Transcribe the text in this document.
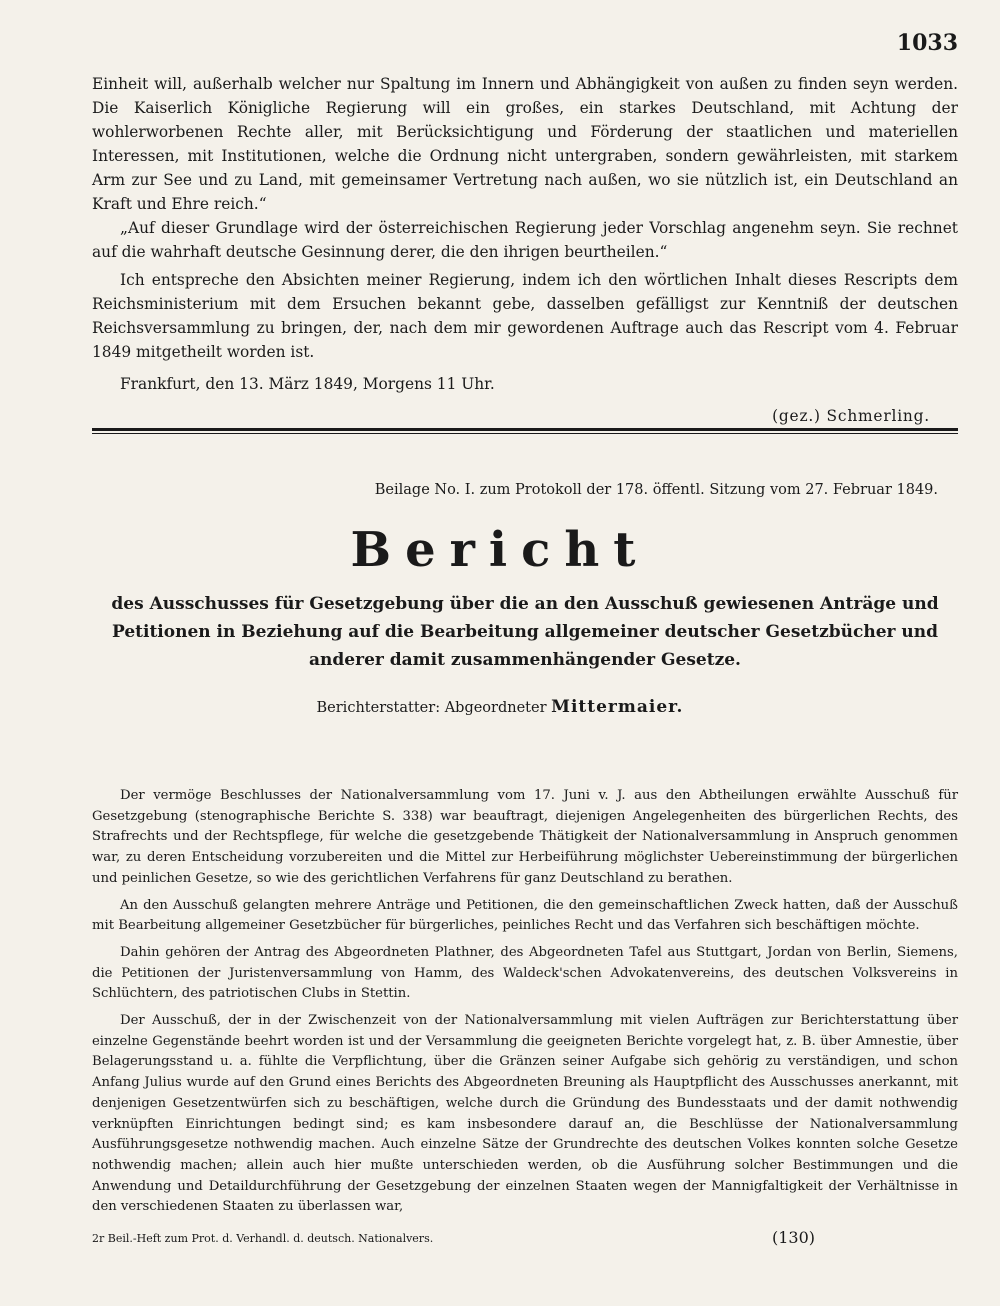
1033

Einheit will, außerhalb welcher nur Spaltung im Innern und Abhängigkeit von außen zu finden seyn werden. Die Kaiserlich Königliche Regierung will ein großes, ein starkes Deutschland, mit Achtung der wohlerworbenen Rechte aller, mit Berücksichtigung und Förderung der staatlichen und materiellen Interessen, mit Institutionen, welche die Ordnung nicht untergraben, sondern gewährleisten, mit starkem Arm zur See und zu Land, mit gemeinsamer Vertretung nach außen, wo sie nützlich ist, ein Deutschland an Kraft und Ehre reich.“

„Auf dieser Grundlage wird der österreichischen Regierung jeder Vorschlag angenehm seyn. Sie rechnet auf die wahrhaft deutsche Gesinnung derer, die den ihrigen beurtheilen.“

Ich entspreche den Absichten meiner Regierung, indem ich den wörtlichen Inhalt dieses Rescripts dem Reichsministerium mit dem Ersuchen bekannt gebe, dasselben gefälligst zur Kenntniß der deutschen Reichsversammlung zu bringen, der, nach dem mir gewordenen Auftrage auch das Rescript vom 4. Februar 1849 mitgetheilt worden ist.

Frankfurt, den 13. März 1849, Morgens 11 Uhr.

(gez.) Schmerling.
Beilage No. I. zum Protokoll der 178. öffentl. Sitzung vom 27. Februar 1849.
Bericht
des Ausschusses für Gesetzgebung über die an den Ausschuß gewiesenen Anträge und Petitionen in Beziehung auf die Bearbeitung allgemeiner deutscher Gesetzbücher und anderer damit zusammenhängender Gesetze.
Berichterstatter: Abgeordneter Mittermaier.

Der vermöge Beschlusses der Nationalversammlung vom 17. Juni v. J. aus den Abtheilungen erwählte Ausschuß für Gesetzgebung (stenographische Berichte S. 338) war beauftragt, diejenigen Angelegenheiten des bürgerlichen Rechts, des Strafrechts und der Rechtspflege, für welche die gesetzgebende Thätigkeit der Nationalversammlung in Anspruch genommen war, zu deren Entscheidung vorzubereiten und die Mittel zur Herbeiführung möglichster Uebereinstimmung der bürgerlichen und peinlichen Gesetze, so wie des gerichtlichen Verfahrens für ganz Deutschland zu berathen.

An den Ausschuß gelangten mehrere Anträge und Petitionen, die den gemeinschaftlichen Zweck hatten, daß der Ausschuß mit Bearbeitung allgemeiner Gesetzbücher für bürgerliches, peinliches Recht und das Verfahren sich beschäftigen möchte.

Dahin gehören der Antrag des Abgeordneten Plathner, des Abgeordneten Tafel aus Stuttgart, Jordan von Berlin, Siemens, die Petitionen der Juristenversammlung von Hamm, des Waldeck'schen Advokatenvereins, des deutschen Volksvereins in Schlüchtern, des patriotischen Clubs in Stettin.

Der Ausschuß, der in der Zwischenzeit von der Nationalversammlung mit vielen Aufträgen zur Berichterstattung über einzelne Gegenstände beehrt worden ist und der Versammlung die geeigneten Berichte vorgelegt hat, z. B. über Amnestie, über Belagerungsstand u. a. fühlte die Verpflichtung, über die Gränzen seiner Aufgabe sich gehörig zu verständigen, und schon Anfang Julius wurde auf den Grund eines Berichts des Abgeordneten Breuning als Hauptpflicht des Ausschusses anerkannt, mit denjenigen Gesetzentwürfen sich zu beschäftigen, welche durch die Gründung des Bundesstaats und der damit nothwendig verknüpften Einrichtungen bedingt sind; es kam insbesondere darauf an, die Beschlüsse der Nationalversammlung Ausführungsgesetze nothwendig machen. Auch einzelne Sätze der Grundrechte des deutschen Volkes konnten solche Gesetze nothwendig machen; allein auch hier mußte unterschieden werden, ob die Ausführung solcher Bestimmungen und die Anwendung und Detaildurchführung der Gesetzgebung der einzelnen Staaten wegen der Mannigfaltigkeit der Verhältnisse in den verschiedenen Staaten zu überlassen war,

2r Beil.-Heft zum Prot. d. Verhandl. d. deutsch. Nationalvers.	(130)
